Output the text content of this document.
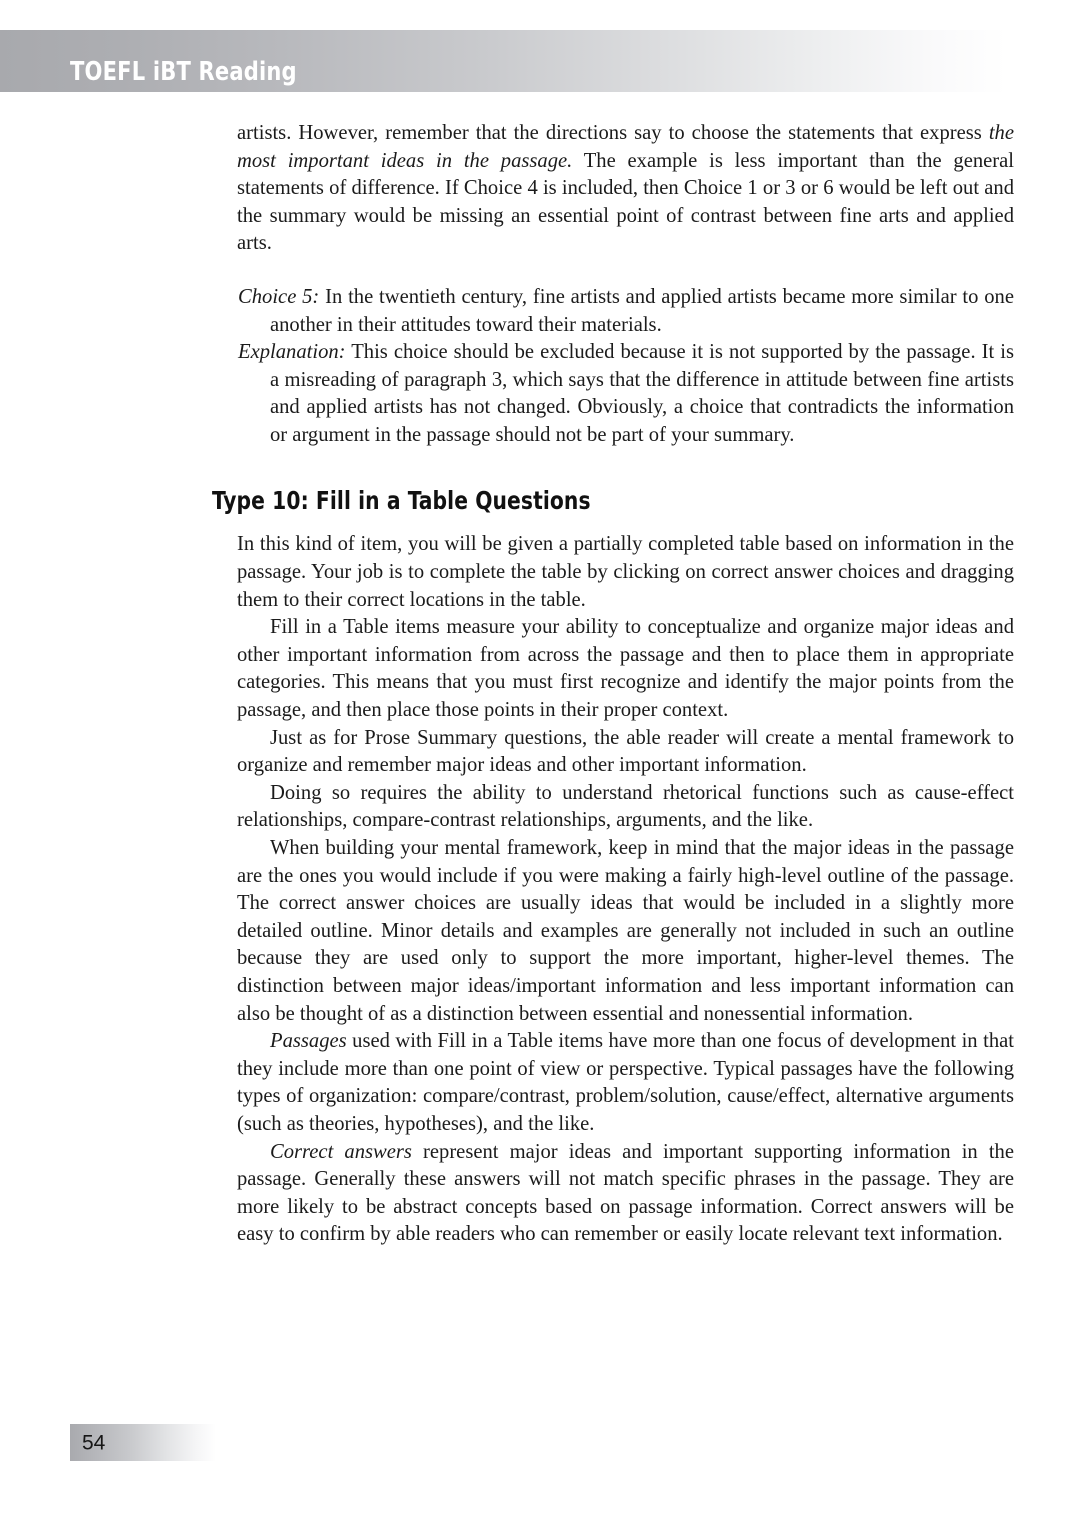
TOEFL iBT Reading

artists. However, remember that the directions say to choose the statements that express the most important ideas in the passage. The example is less important than the general statements of difference. If Choice 4 is included, then Choice 1 or 3 or 6 would be left out and the summary would be missing an essential point of contrast between fine arts and applied arts.

Choice 5: In the twentieth century, fine artists and applied artists became more similar to one another in their attitudes toward their materials.

Explanation: This choice should be excluded because it is not supported by the passage. It is a misreading of paragraph 3, which says that the difference in attitude between fine artists and applied artists has not changed. Obviously, a choice that contradicts the information or argument in the passage should not be part of your summary.

Type 10: Fill in a Table Questions

In this kind of item, you will be given a partially completed table based on information in the passage. Your job is to complete the table by clicking on correct answer choices and dragging them to their correct locations in the table.

Fill in a Table items measure your ability to conceptualize and organize major ideas and other important information from across the passage and then to place them in appropriate categories. This means that you must first recognize and identify the major points from the passage, and then place those points in their proper context.

Just as for Prose Summary questions, the able reader will create a mental framework to organize and remember major ideas and other important information.

Doing so requires the ability to understand rhetorical functions such as cause-effect relationships, compare-contrast relationships, arguments, and the like.

When building your mental framework, keep in mind that the major ideas in the passage are the ones you would include if you were making a fairly high-level outline of the passage. The correct answer choices are usually ideas that would be included in a slightly more detailed outline. Minor details and examples are generally not included in such an outline because they are used only to support the more important, higher-level themes. The distinction between major ideas/important information and less important information can also be thought of as a distinction between essential and nonessential information.

Passages used with Fill in a Table items have more than one focus of development in that they include more than one point of view or perspective. Typical passages have the following types of organization: compare/contrast, problem/solution, cause/effect, alternative arguments (such as theories, hypotheses), and the like.

Correct answers represent major ideas and important supporting information in the passage. Generally these answers will not match specific phrases in the passage. They are more likely to be abstract concepts based on passage information. Correct answers will be easy to confirm by able readers who can remember or easily locate relevant text information.

54
